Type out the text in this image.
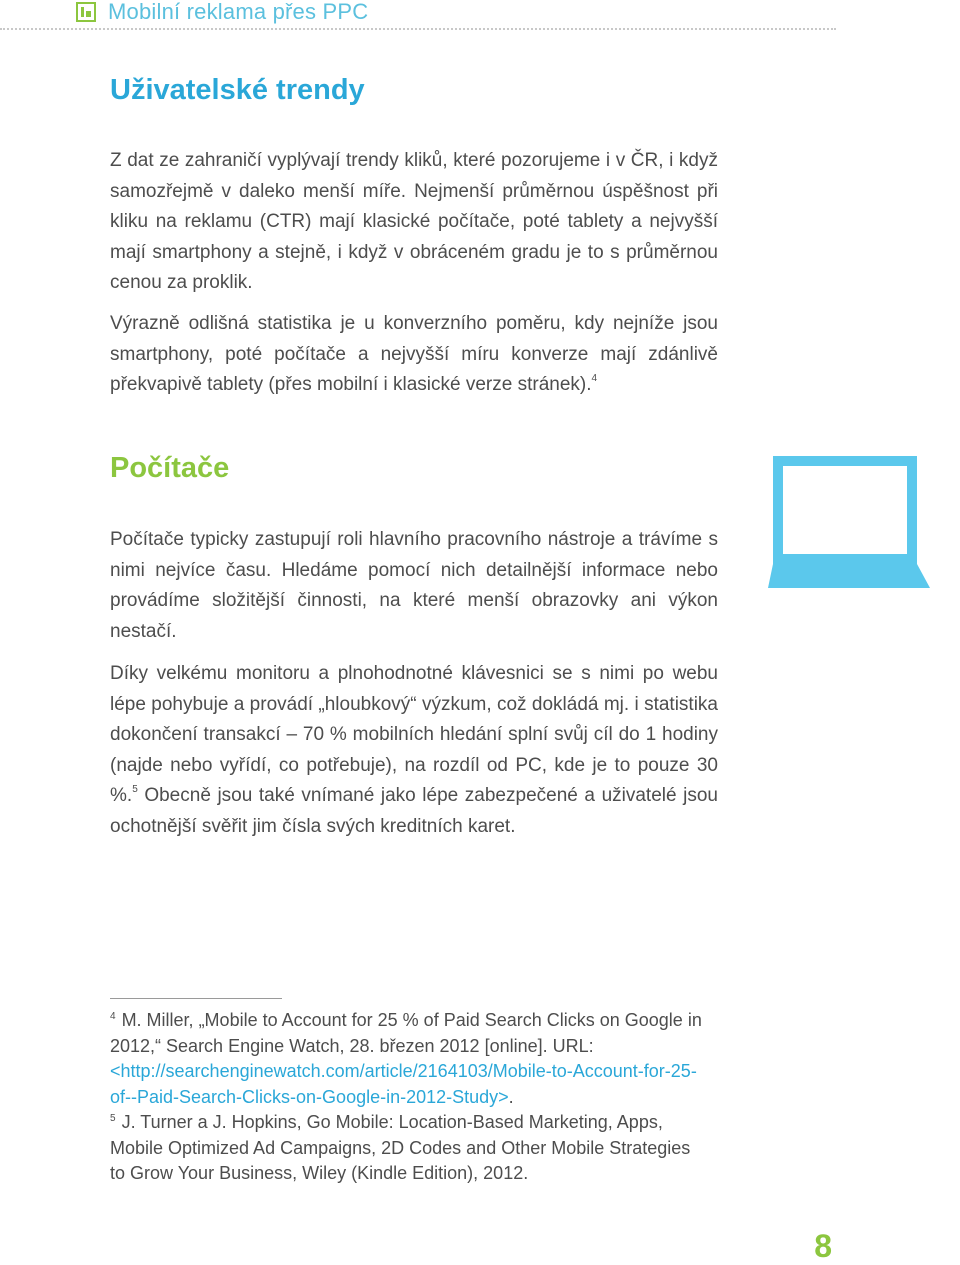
Mobilní reklama přes PPC
Uživatelské trendy

Z dat ze zahraničí vyplývají trendy kliků, které pozorujeme i v ČR, i když samozřejmě v daleko menší míře. Nejmenší průměrnou úspěšnost při kliku na reklamu (CTR) mají klasické počítače, poté tablety a nejvyšší mají smartphony a stejně, i když v obráceném gradu je to s průměrnou cenou za proklik.

Výrazně odlišná statistika je u konverzního poměru, kdy nejníže jsou smartphony, poté počítače a nejvyšší míru konverze mají zdánlivě překvapivě tablety (přes mobilní i klasické verze stránek).$^4$

Počítače

Počítače typicky zastupují roli hlavního pracovního nástroje a trávíme s nimi nejvíce času. Hledáme pomocí nich detailnější informace nebo provádíme složitější činnosti, na které menší obrazovky ani výkon nestačí.

Díky velkému monitoru a plnohodnotné klávesnici se s nimi po webu lépe pohybuje a provádí „hloubkový“ výzkum, což dokládá mj. i statistika dokončení transakcí – 70 % mobilních hledání splní svůj cíl do 1 hodiny (najde nebo vyřídí, co potřebuje), na rozdíl od PC, kde je to pouze 30 %.$^5$ Obecně jsou také vnímané jako lépe zabezpečené a uživatelé jsou ochotnější svěřit jim čísla svých kreditních karet.

$^4$ M. Miller, „Mobile to Account for 25 % of Paid Search Clicks on Google in 2012,“ Search Engine Watch, 28. březen 2012 [online]. URL: <http://searchenginewatch.com/article/2164103/Mobile-to-Account-for-25-of--Paid-Search-Clicks-on-Google-in-2012-Study>.

$^5$ J. Turner a J. Hopkins, Go Mobile: Location-Based Marketing, Apps, Mobile Optimized Ad Campaigns, 2D Codes and Other Mobile Strategies to Grow Your Business, Wiley (Kindle Edition), 2012.

8
